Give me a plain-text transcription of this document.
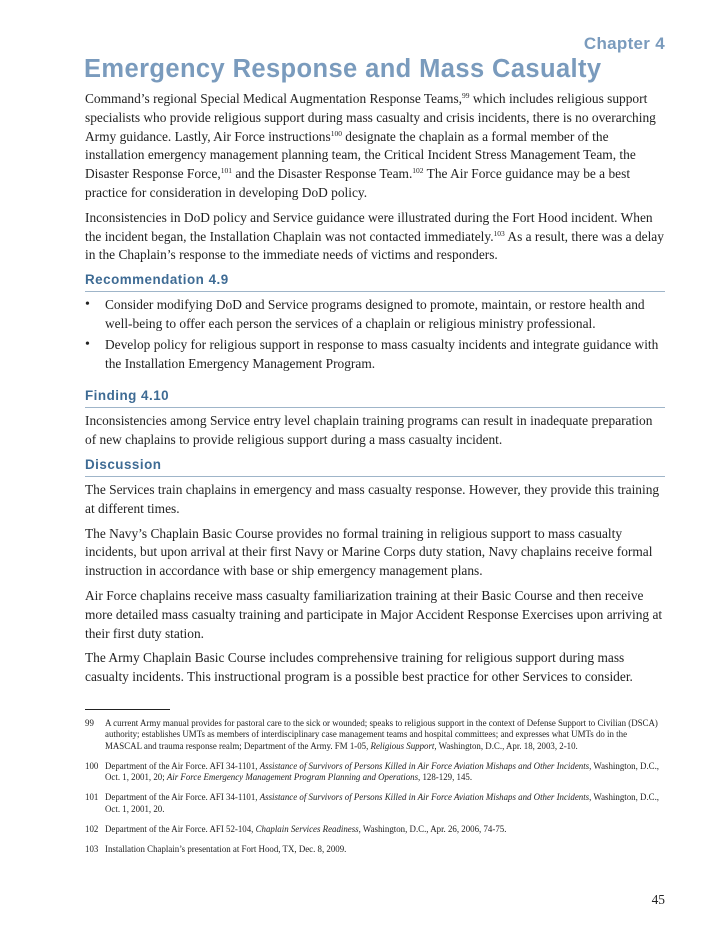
Chapter 4
Emergency Response and Mass Casualty

Command’s regional Special Medical Augmentation Response Teams,$^{99}$ which includes religious support specialists who provide religious support during mass casualty and crisis incidents, there is no overarching Army guidance. Lastly, Air Force instructions$^{100}$ designate the chaplain as a formal member of the installation emergency management planning team, the Critical Incident Stress Management Team, the Disaster Response Force,$^{101}$ and the Disaster Response Team.$^{102}$ The Air Force guidance may be a best practice for consideration in developing DoD policy.

Inconsistencies in DoD policy and Service guidance were illustrated during the Fort Hood incident. When the incident began, the Installation Chaplain was not contacted immediately.$^{103}$ As a result, there was a delay in the Chaplain’s response to the immediate needs of victims and responders.

Recommendation 4.9
• Consider modifying DoD and Service programs designed to promote, maintain, or restore health and well-being to offer each person the services of a chaplain or religious ministry professional.
• Develop policy for religious support in response to mass casualty incidents and integrate guidance with the Installation Emergency Management Program.
Finding 4.10

Inconsistencies among Service entry level chaplain training programs can result in inadequate preparation of new chaplains to provide religious support during a mass casualty incident.

Discussion

The Services train chaplains in emergency and mass casualty response. However, they provide this training at different times.

The Navy’s Chaplain Basic Course provides no formal training in religious support to mass casualty incidents, but upon arrival at their first Navy or Marine Corps duty station, Navy chaplains receive formal instruction in accordance with base or ship emergency management plans.

Air Force chaplains receive mass casualty familiarization training at their Basic Course and then receive more detailed mass casualty training and participate in Major Accident Response Exercises upon arriving at their first duty station.

The Army Chaplain Basic Course includes comprehensive training for religious support during mass casualty incidents. This instructional program is a possible best practice for other Services to consider.

99 A current Army manual provides for pastoral care to the sick or wounded; speaks to religious support in the context of Defense Support to Civilian (DSCA) authority; establishes UMTs as members of interdisciplinary case management teams and hospital committees; and expresses what UMTs do in the MASCAL and trauma response realm; Department of the Army. FM 1-05, Religious Support, Washington, D.C., Apr. 18, 2003, 2-10.
100 Department of the Air Force. AFI 34-1101, Assistance of Survivors of Persons Killed in Air Force Aviation Mishaps and Other Incidents, Washington, D.C., Oct. 1, 2001, 20; Air Force Emergency Management Program Planning and Operations, 128-129, 145.
101 Department of the Air Force. AFI 34-1101, Assistance of Survivors of Persons Killed in Air Force Aviation Mishaps and Other Incidents, Washington, D.C., Oct. 1, 2001, 20.
102 Department of the Air Force. AFI 52-104, Chaplain Services Readiness, Washington, D.C., Apr. 26, 2006, 74-75.
103 Installation Chaplain’s presentation at Fort Hood, TX, Dec. 8, 2009.
45
